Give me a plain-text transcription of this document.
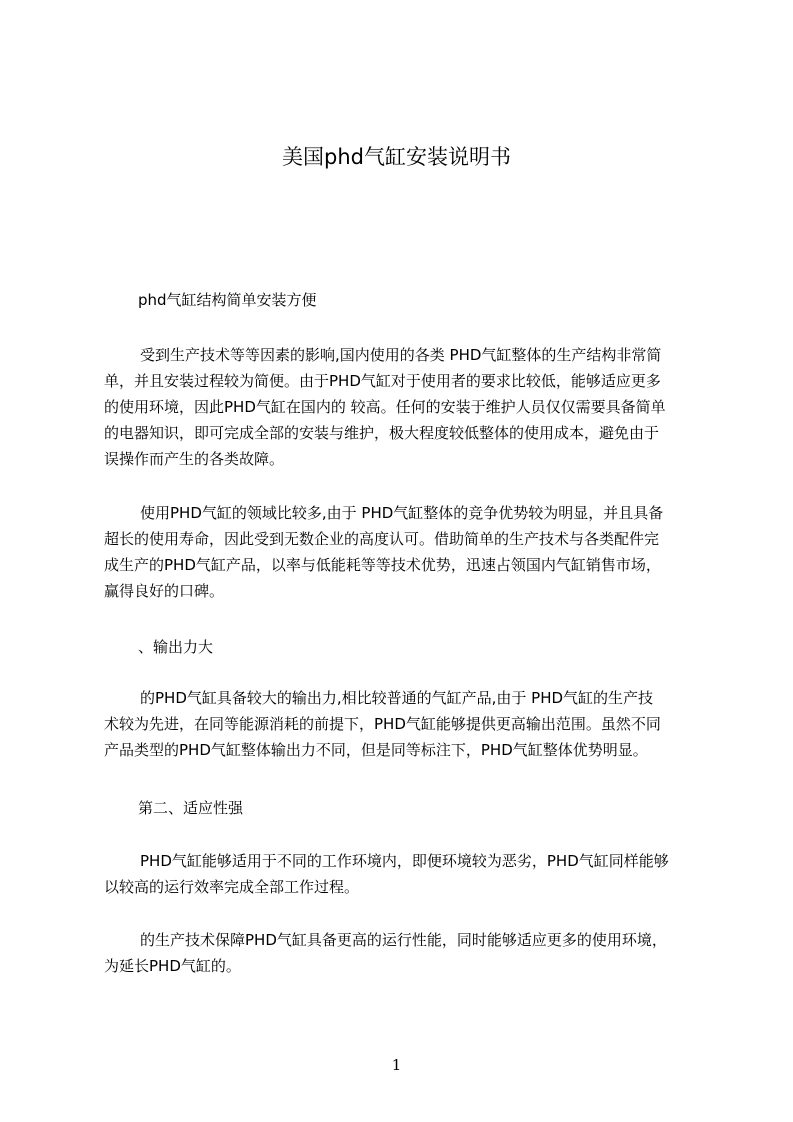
美国phd气缸安装说明书
phd气缸结构简单安装方便
受到生产技术等等因素的影响,国内使用的各类 PHD气缸整体的生产结构非常简
单，并且安装过程较为简便。由于PHD气缸对于使用者的要求比较低，能够适应更多
的使用环境，因此PHD气缸在国内的 较高。任何的安装于维护人员仅仅需要具备简单
的电器知识，即可完成全部的安装与维护，极大程度较低整体的使用成本，避免由于
误操作而产生的各类故障。
使用PHD气缸的领域比较多,由于 PHD气缸整体的竞争优势较为明显，并且具备
超长的使用寿命，因此受到无数企业的高度认可。借助简单的生产技术与各类配件完
成生产的PHD气缸产品，以率与低能耗等等技术优势，迅速占领国内气缸销售市场，
赢得良好的口碑。
、输出力大
的PHD气缸具备较大的输出力,相比较普通的气缸产品,由于 PHD气缸的生产技
术较为先进，在同等能源消耗的前提下，PHD气缸能够提供更高输出范围。虽然不同
产品类型的PHD气缸整体输出力不同，但是同等标注下，PHD气缸整体优势明显。
第二、适应性强
PHD气缸能够适用于不同的工作环境内，即便环境较为恶劣，PHD气缸同样能够
以较高的运行效率完成全部工作过程。
的生产技术保障PHD气缸具备更高的运行性能，同时能够适应更多的使用环境，
为延长PHD气缸的。
1
